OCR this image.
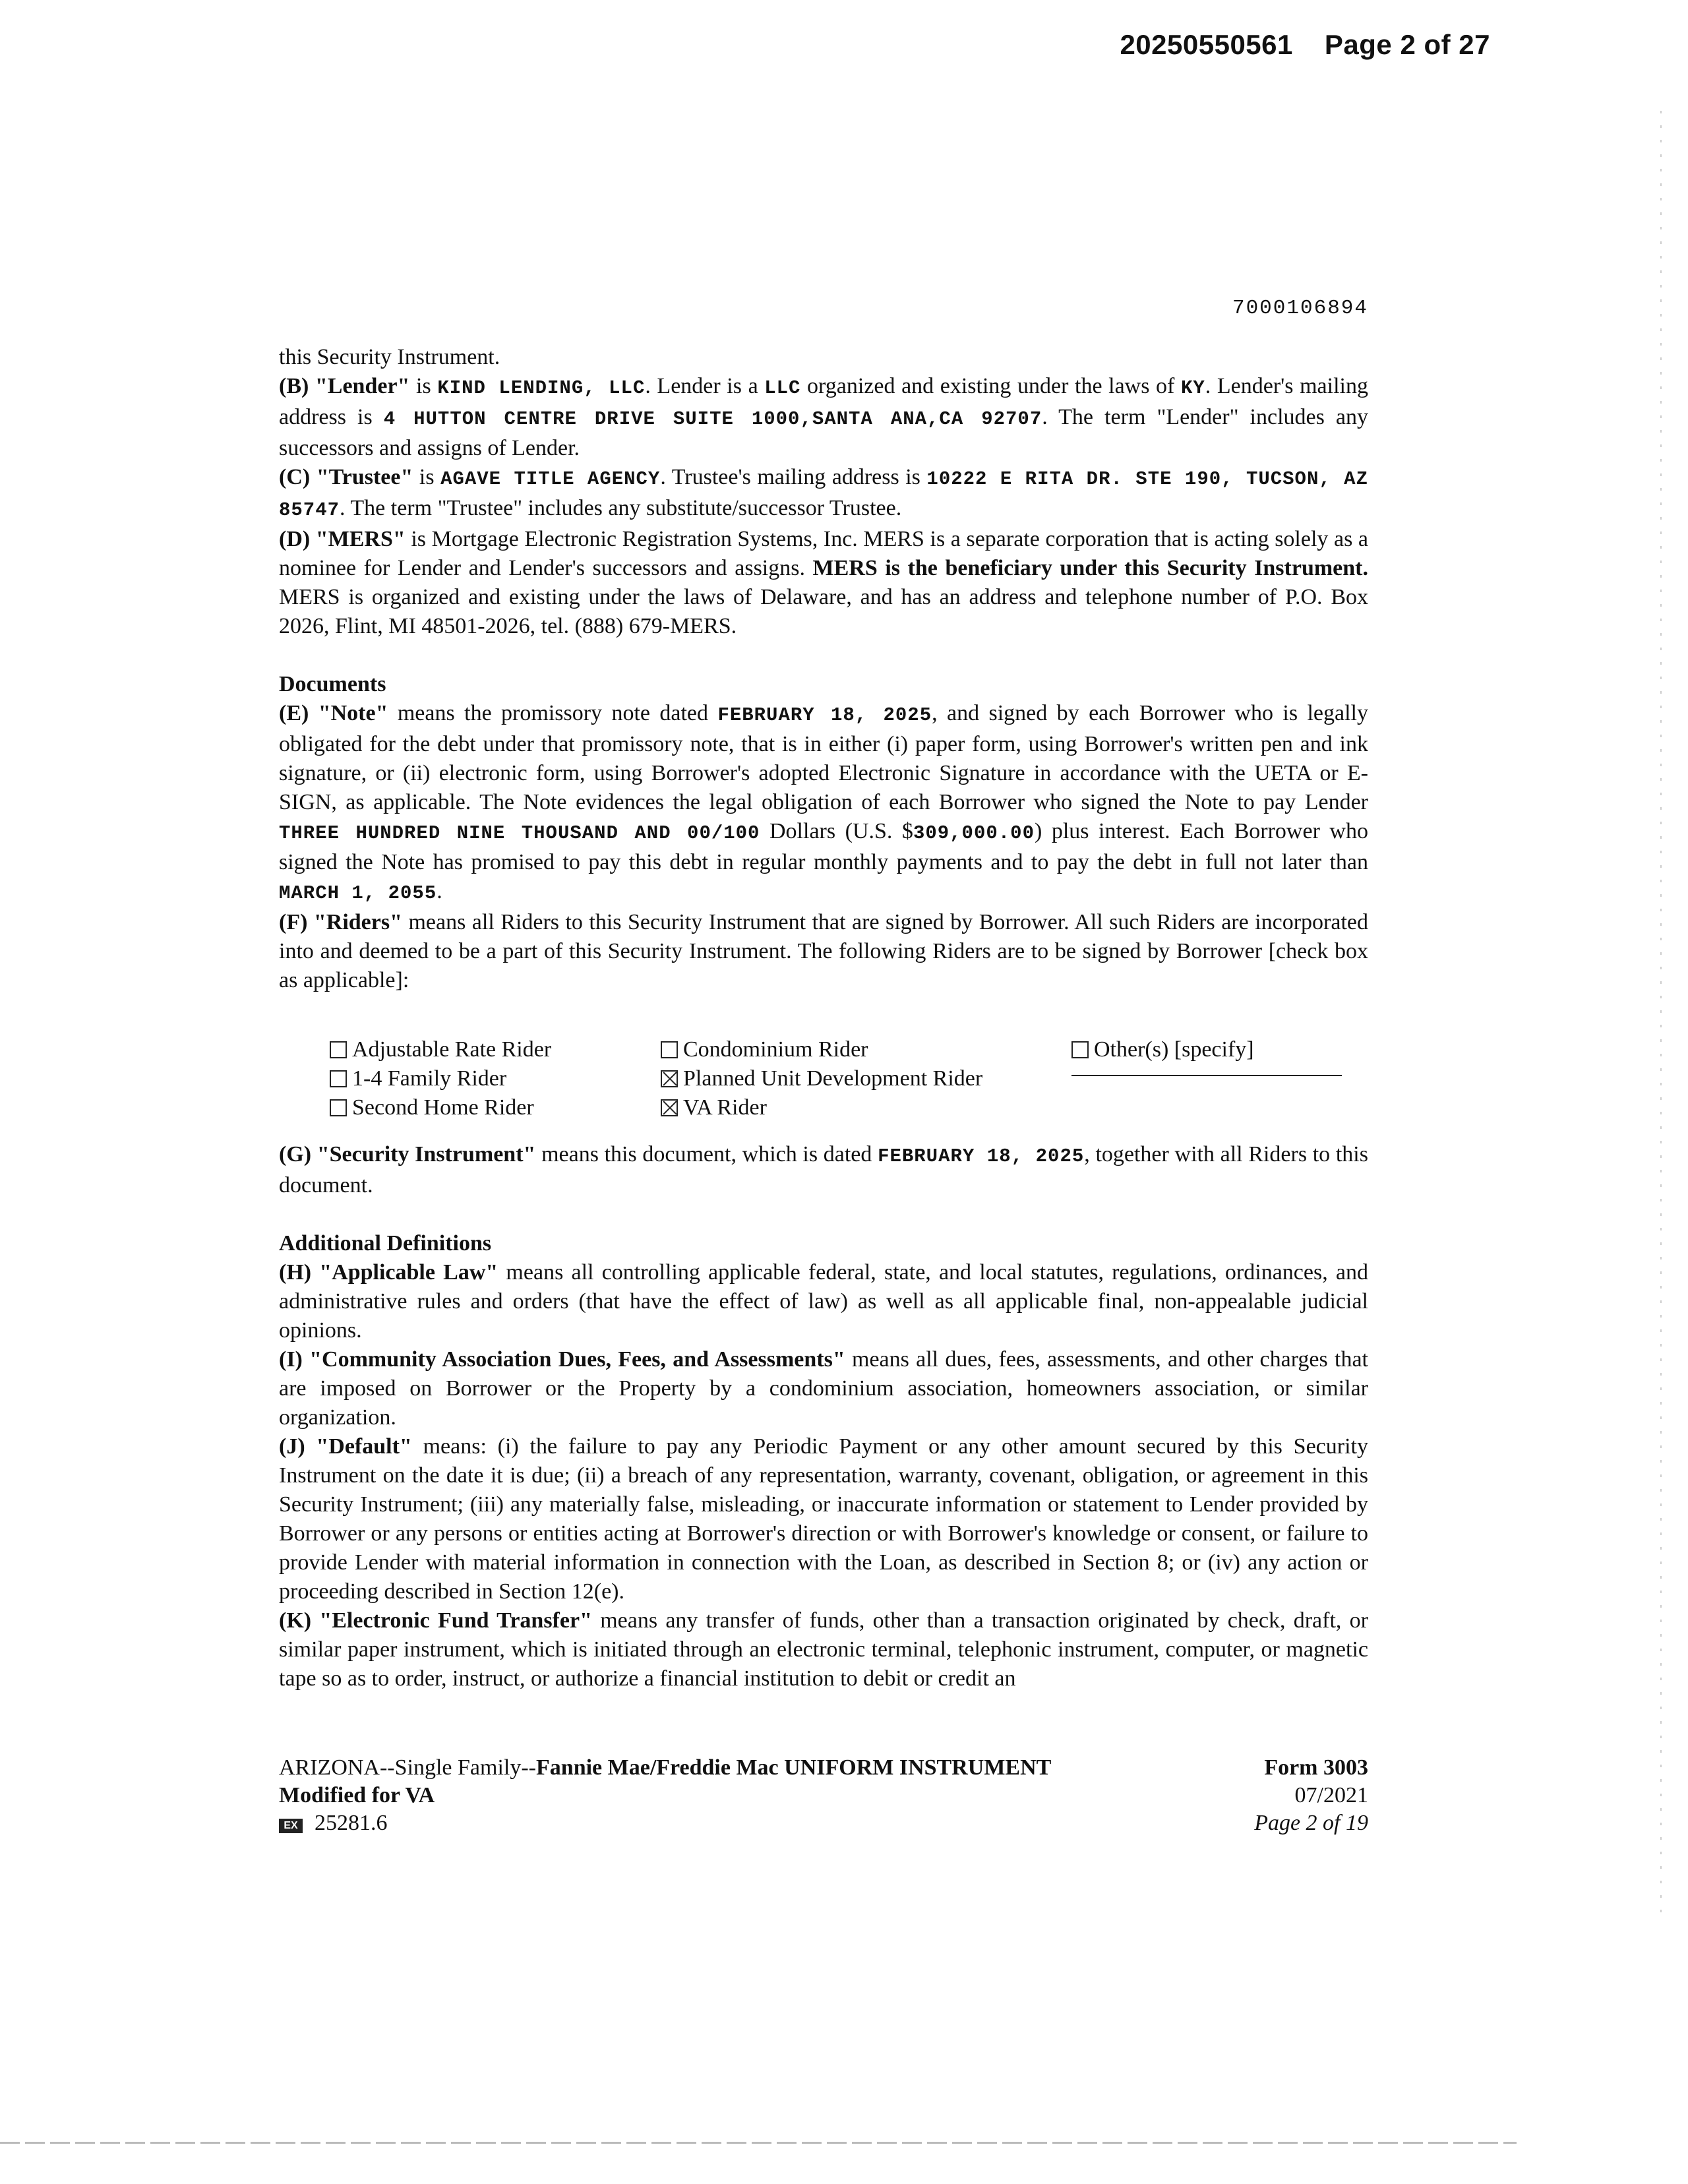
20250550561 Page 2 of 27
7000106894

this Security Instrument.

(B) "Lender" is KIND LENDING, LLC. Lender is a LLC organized and existing under the laws of KY. Lender's mailing address is 4 HUTTON CENTRE DRIVE SUITE 1000,SANTA ANA,CA 92707. The term "Lender" includes any successors and assigns of Lender.

(C) "Trustee" is AGAVE TITLE AGENCY. Trustee's mailing address is 10222 E RITA DR. STE 190, TUCSON, AZ 85747. The term "Trustee" includes any substitute/successor Trustee.

(D) "MERS" is Mortgage Electronic Registration Systems, Inc. MERS is a separate corporation that is acting solely as a nominee for Lender and Lender's successors and assigns. MERS is the beneficiary under this Security Instrument. MERS is organized and existing under the laws of Delaware, and has an address and telephone number of P.O. Box 2026, Flint, MI 48501-2026, tel. (888) 679-MERS.

Documents

(E) "Note" means the promissory note dated FEBRUARY 18, 2025, and signed by each Borrower who is legally obligated for the debt under that promissory note, that is in either (i) paper form, using Borrower's written pen and ink signature, or (ii) electronic form, using Borrower's adopted Electronic Signature in accordance with the UETA or E-SIGN, as applicable. The Note evidences the legal obligation of each Borrower who signed the Note to pay Lender THREE HUNDRED NINE THOUSAND AND 00/100 Dollars (U.S. $309,000.00) plus interest. Each Borrower who signed the Note has promised to pay this debt in regular monthly payments and to pay the debt in full not later than MARCH 1, 2055.

(F) "Riders" means all Riders to this Security Instrument that are signed by Borrower. All such Riders are incorporated into and deemed to be a part of this Security Instrument. The following Riders are to be signed by Borrower [check box as applicable]:

(G) "Security Instrument" means this document, which is dated FEBRUARY 18, 2025, together with all Riders to this document.

Additional Definitions

(H) "Applicable Law" means all controlling applicable federal, state, and local statutes, regulations, ordinances, and administrative rules and orders (that have the effect of law) as well as all applicable final, non-appealable judicial opinions.

(I) "Community Association Dues, Fees, and Assessments" means all dues, fees, assessments, and other charges that are imposed on Borrower or the Property by a condominium association, homeowners association, or similar organization.

(J) "Default" means: (i) the failure to pay any Periodic Payment or any other amount secured by this Security Instrument on the date it is due; (ii) a breach of any representation, warranty, covenant, obligation, or agreement in this Security Instrument; (iii) any materially false, misleading, or inaccurate information or statement to Lender provided by Borrower or any persons or entities acting at Borrower's direction or with Borrower's knowledge or consent, or failure to provide Lender with material information in connection with the Loan, as described in Section 8; or (iv) any action or proceeding described in Section 12(e).

(K) "Electronic Fund Transfer" means any transfer of funds, other than a transaction originated by check, draft, or similar paper instrument, which is initiated through an electronic terminal, telephonic instrument, computer, or magnetic tape so as to order, instruct, or authorize a financial institution to debit or credit an

Adjustable Rate Rider
1-4 Family Rider
Second Home Rider
Condominium Rider
Planned Unit Development Rider
VA Rider
Other(s) [specify]
ARIZONA--Single Family--Fannie Mae/Freddie Mac UNIFORM INSTRUMENT
Modified for VA
EX 25281.6
Form 3003
07/2021
Page 2 of 19
